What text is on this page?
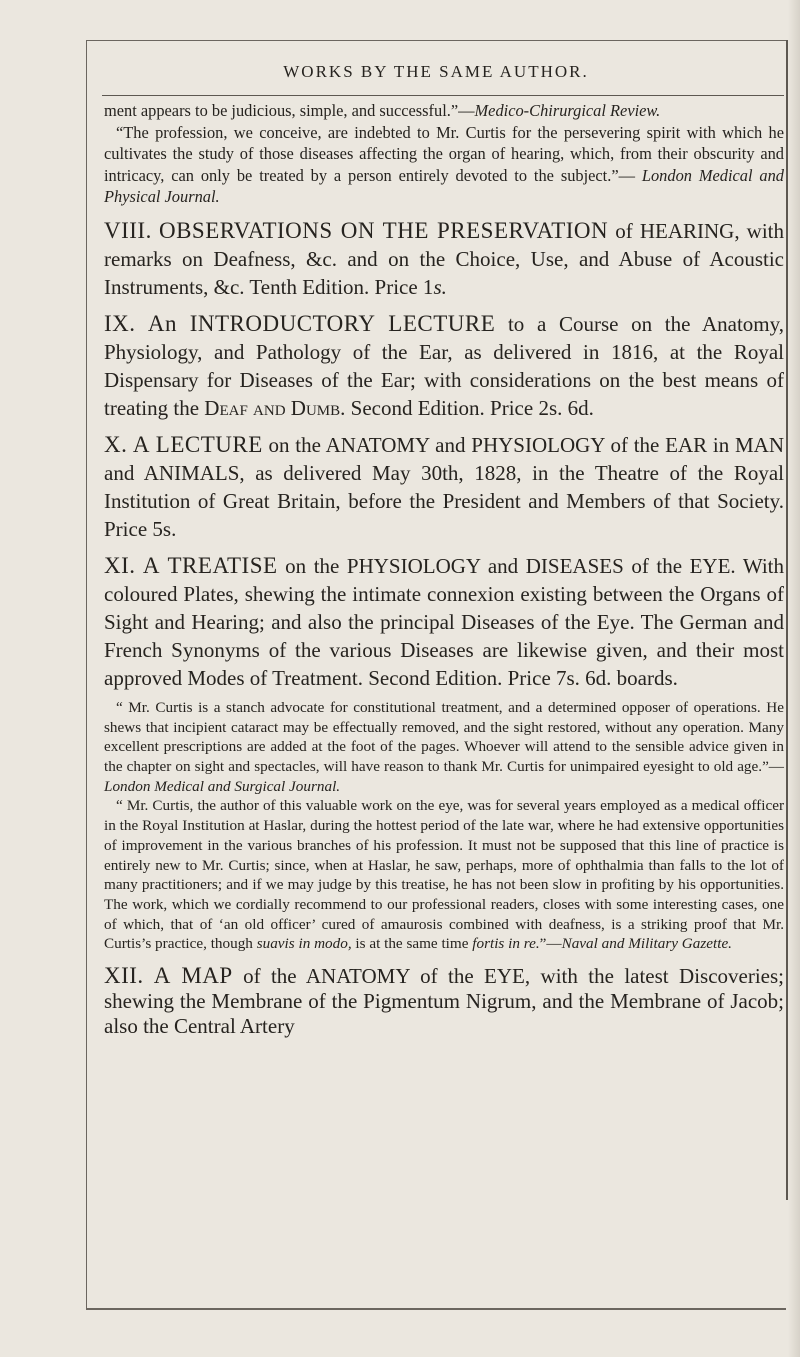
WORKS BY THE SAME AUTHOR.
ment appears to be judicious, simple, and successful.”—Medico-Chirurgical Review.
“The profession, we conceive, are indebted to Mr. Curtis for the persevering spirit with which he cultivates the study of those diseases affecting the organ of hearing, which, from their obscurity and intricacy, can only be treated by a person entirely devoted to the subject.”— London Medical and Physical Journal.

VIII. OBSERVATIONS ON THE PRESERVATION of HEARING, with remarks on Deafness, &c. and on the Choice, Use, and Abuse of Acoustic Instruments, &c. Tenth Edition. Price 1s.

IX. An INTRODUCTORY LECTURE to a Course on the Anatomy, Physiology, and Pathology of the Ear, as delivered in 1816, at the Royal Dispensary for Diseases of the Ear; with considerations on the best means of treating the Deaf and Dumb. Second Edition. Price 2s. 6d.

X. A LECTURE on the ANATOMY and PHYSIOLOGY of the EAR in MAN and ANIMALS, as delivered May 30th, 1828, in the Theatre of the Royal Institution of Great Britain, before the President and Members of that Society. Price 5s.

XI. A TREATISE on the PHYSIOLOGY and DISEASES of the EYE. With coloured Plates, shewing the intimate connexion existing between the Organs of Sight and Hearing; and also the principal Diseases of the Eye. The German and French Synonyms of the various Diseases are likewise given, and their most approved Modes of Treatment. Second Edition. Price 7s. 6d. boards.

“ Mr. Curtis is a stanch advocate for constitutional treatment, and a determined opposer of operations. He shews that incipient cataract may be effectually removed, and the sight restored, without any operation. Many excellent prescriptions are added at the foot of the pages. Whoever will attend to the sensible advice given in the chapter on sight and spectacles, will have reason to thank Mr. Curtis for unimpaired eyesight to old age.”— London Medical and Surgical Journal.

“ Mr. Curtis, the author of this valuable work on the eye, was for several years employed as a medical officer in the Royal Institution at Haslar, during the hottest period of the late war, where he had extensive opportunities of improvement in the various branches of his profession. It must not be supposed that this line of practice is entirely new to Mr. Curtis; since, when at Haslar, he saw, perhaps, more of ophthalmia than falls to the lot of many practitioners; and if we may judge by this treatise, he has not been slow in profiting by his opportunities. The work, which we cordially recommend to our professional readers, closes with some interesting cases, one of which, that of ‘an old officer’ cured of amaurosis combined with deafness, is a striking proof that Mr. Curtis’s practice, though suavis in modo, is at the same time fortis in re.”—Naval and Military Gazette.

XII. A MAP of the ANATOMY of the EYE, with the latest Discoveries; shewing the Membrane of the Pigmentum Nigrum, and the Membrane of Jacob; also the Central Artery
